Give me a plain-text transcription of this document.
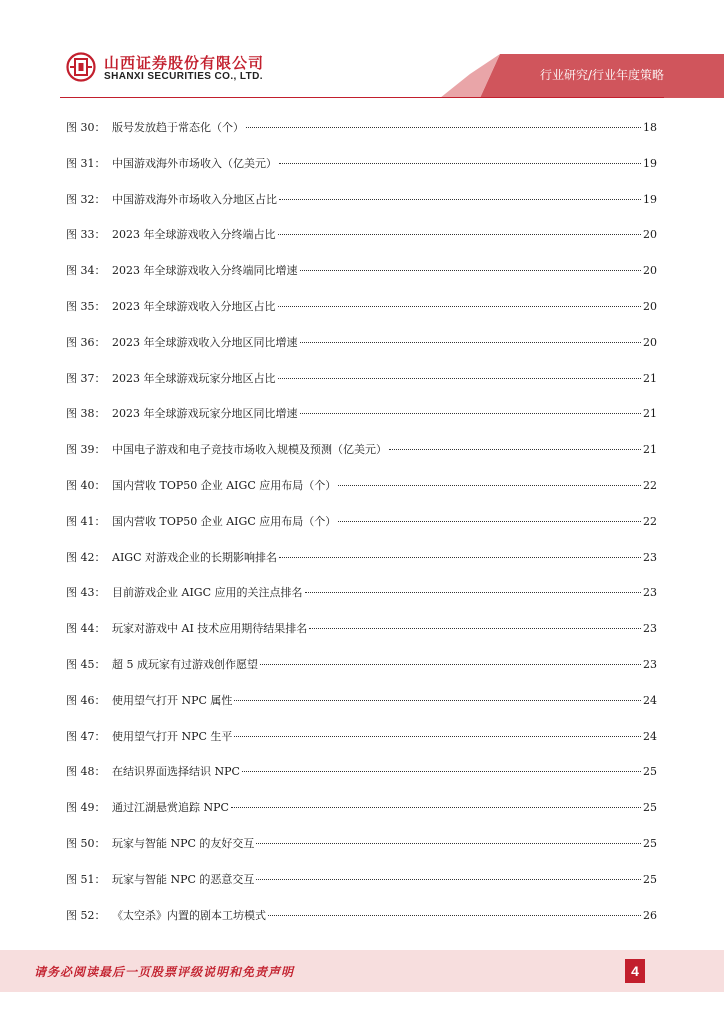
山西证券股份有限公司
SHANXI SECURITIES CO., LTD.	行业研究/行业年度策略
图 30： 版号发放趋于常态化（个）	18
图 31： 中国游戏海外市场收入（亿美元）	19
图 32： 中国游戏海外市场收入分地区占比	19
图 33： 2023 年全球游戏收入分终端占比	20
图 34： 2023 年全球游戏收入分终端同比增速	20
图 35： 2023 年全球游戏收入分地区占比	20
图 36： 2023 年全球游戏收入分地区同比增速	20
图 37： 2023 年全球游戏玩家分地区占比	21
图 38： 2023 年全球游戏玩家分地区同比增速	21
图 39： 中国电子游戏和电子竞技市场收入规模及预测（亿美元）	21
图 40： 国内营收 TOP50 企业 AIGC 应用布局（个）	22
图 41： 国内营收 TOP50 企业 AIGC 应用布局（个）	22
图 42： AIGC 对游戏企业的长期影响排名	23
图 43： 目前游戏企业 AIGC 应用的关注点排名	23
图 44： 玩家对游戏中 AI 技术应用期待结果排名	23
图 45： 超 5 成玩家有过游戏创作愿望	23
图 46： 使用望气打开 NPC 属性	24
图 47： 使用望气打开 NPC 生平	24
图 48： 在结识界面选择结识 NPC	25
图 49： 通过江湖悬赏追踪 NPC	25
图 50： 玩家与智能 NPC 的友好交互	25
图 51： 玩家与智能 NPC 的恶意交互	25
图 52： 《太空杀》内置的剧本工坊模式	26
请务必阅读最后一页股票评级说明和免责声明	4
